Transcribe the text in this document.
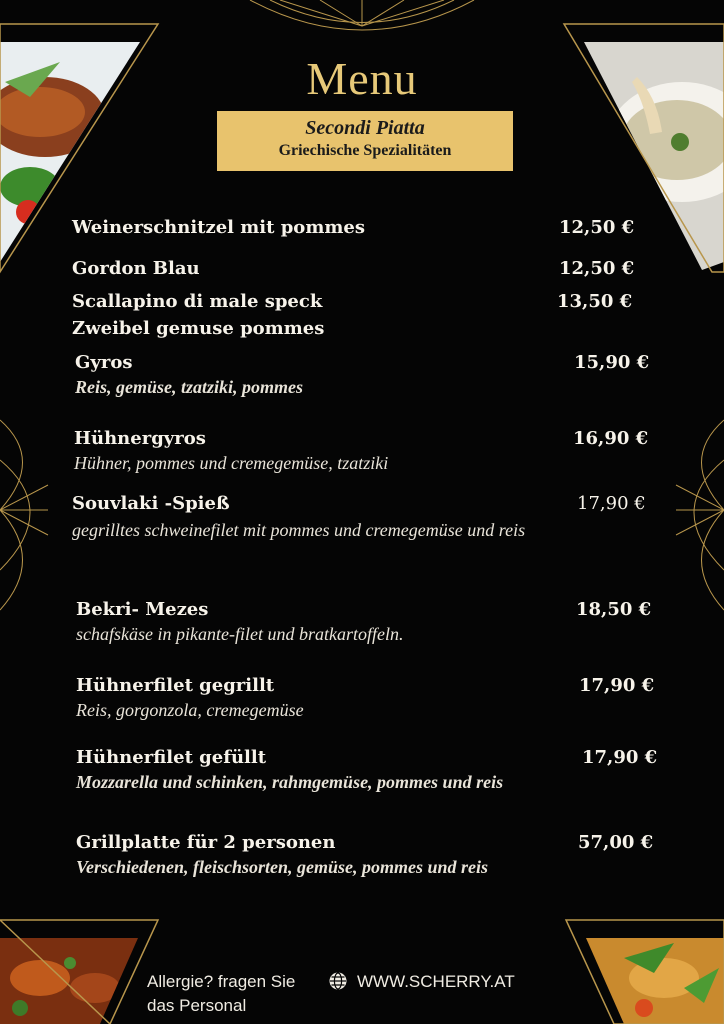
Menu
Secondi Piatta
Griechische Spezialitäten
Weinerschnitzel mit pommes	12,50 €
Gordon Blau	12,50 €
Scallapino di male speck
Zweibel gemuse pommes
13,50 €
Gyros
Reis, gemüse, tzatziki, pommes
15,90 €
Hühnergyros
Hühner, pommes und cremegemüse, tzatziki
16,90 €
Souvlaki -Spieß
gegrilltes schweinefilet mit pommes und cremegemüse und reis
17,90 €
Bekri- Mezes
schafskäse in pikante-filet und bratkartoffeln.
18,50 €
Hühnerfilet gegrillt
Reis, gorgonzola, cremegemüse
17,90 €
Hühnerfilet gefüllt
Mozzarella und schinken, rahmgemüse, pommes und reis
17,90 €
Grillplatte für 2 personen
Verschiedenen, fleischsorten, gemüse, pommes und reis
57,00 €
Allergie? fragen Sie
das Personal
WWW.SCHERRY.AT
